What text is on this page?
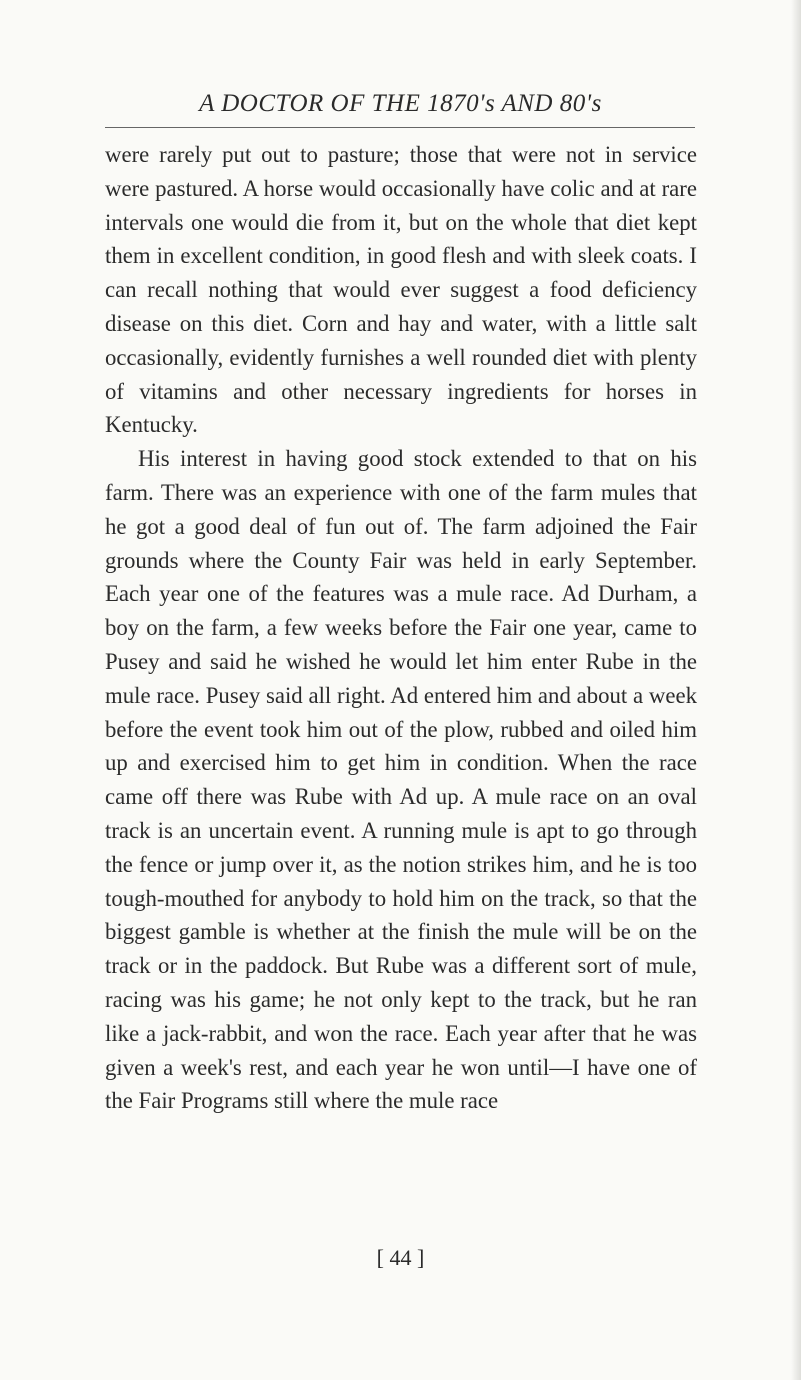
A DOCTOR OF THE 1870's AND 80's

were rarely put out to pasture; those that were not in service were pastured. A horse would occasionally have colic and at rare intervals one would die from it, but on the whole that diet kept them in excellent condition, in good flesh and with sleek coats. I can recall nothing that would ever suggest a food deficiency disease on this diet. Corn and hay and water, with a little salt occasionally, evidently furnishes a well rounded diet with plenty of vitamins and other necessary ingredients for horses in Kentucky.

His interest in having good stock extended to that on his farm. There was an experience with one of the farm mules that he got a good deal of fun out of. The farm adjoined the Fair grounds where the County Fair was held in early September. Each year one of the features was a mule race. Ad Durham, a boy on the farm, a few weeks before the Fair one year, came to Pusey and said he wished he would let him enter Rube in the mule race. Pusey said all right. Ad entered him and about a week before the event took him out of the plow, rubbed and oiled him up and exercised him to get him in condition. When the race came off there was Rube with Ad up. A mule race on an oval track is an uncertain event. A running mule is apt to go through the fence or jump over it, as the notion strikes him, and he is too tough-mouthed for anybody to hold him on the track, so that the biggest gamble is whether at the finish the mule will be on the track or in the paddock. But Rube was a different sort of mule, racing was his game; he not only kept to the track, but he ran like a jack-rabbit, and won the race. Each year after that he was given a week's rest, and each year he won until—I have one of the Fair Programs still where the mule race

[ 44 ]
